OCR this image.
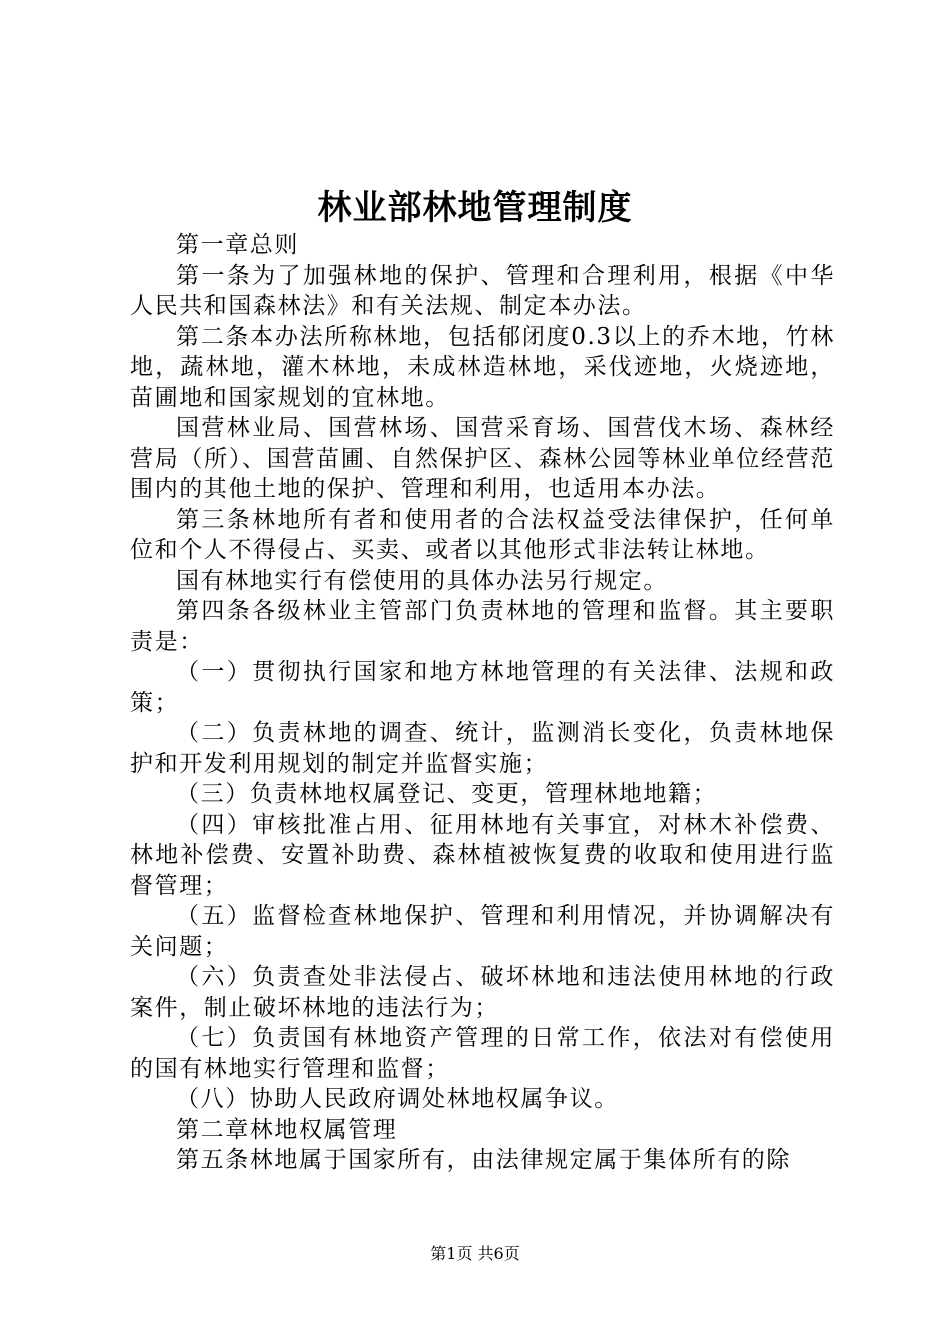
林业部林地管理制度

第一章总则

第一条为了加强林地的保护、管理和合理利用，根据《中华人民共和国森林法》和有关法规、制定本办法。

第二条本办法所称林地，包括郁闭度0.3以上的乔木地，竹林地，蔬林地，灌木林地，未成林造林地，采伐迹地，火烧迹地，苗圃地和国家规划的宜林地。

国营林业局、国营林场、国营采育场、国营伐木场、森林经营局（所）、国营苗圃、自然保护区、森林公园等林业单位经营范围内的其他土地的保护、管理和利用，也适用本办法。

第三条林地所有者和使用者的合法权益受法律保护，任何单位和个人不得侵占、买卖、或者以其他形式非法转让林地。

国有林地实行有偿使用的具体办法另行规定。

第四条各级林业主管部门负责林地的管理和监督。其主要职责是：

（一）贯彻执行国家和地方林地管理的有关法律、法规和政策；

（二）负责林地的调查、统计，监测消长变化，负责林地保护和开发利用规划的制定并监督实施；

（三）负责林地权属登记、变更，管理林地地籍；

（四）审核批准占用、征用林地有关事宜，对林木补偿费、林地补偿费、安置补助费、森林植被恢复费的收取和使用进行监督管理；

（五）监督检查林地保护、管理和利用情况，并协调解决有关问题；

（六）负责查处非法侵占、破坏林地和违法使用林地的行政案件，制止破坏林地的违法行为；

（七）负责国有林地资产管理的日常工作，依法对有偿使用的国有林地实行管理和监督；

（八）协助人民政府调处林地权属争议。

第二章林地权属管理

第五条林地属于国家所有，由法律规定属于集体所有的除

第1页 共6页
